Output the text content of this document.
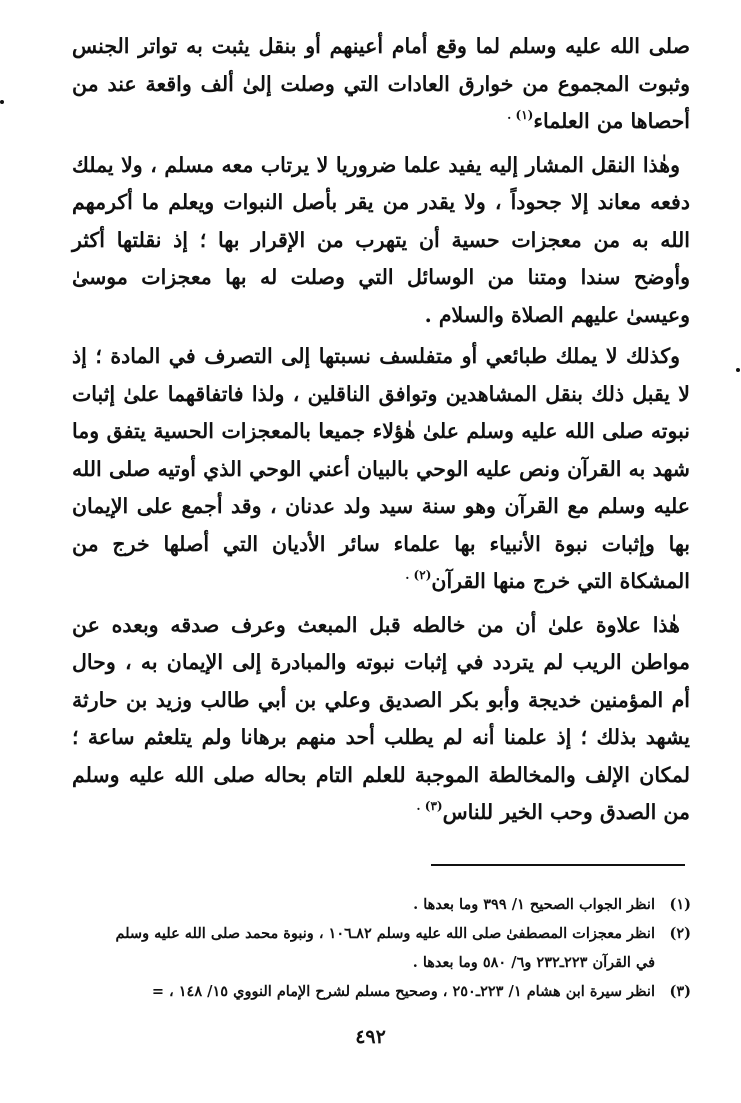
صلى الله عليه وسلم لما وقع أمام أعينهم أو بنقل يثبت به تواتر الجنس وثبوت المجموع من خوارق العادات التي وصلت إلىٰ ألف واقعة عند من أحصاها من العلماء$^{(١) .}$

وهٰذا النقل المشار إليه يفيد علما ضروريا لا يرتاب معه مسلم ، ولا يملك دفعه معاند إلا جحوداً ، ولا يقدر من يقر بأصل النبوات ويعلم ما أكرمهم الله به من معجزات حسية أن يتهرب من الإقرار بها ؛ إذ نقلتها أكثر وأوضح سندا ومتنا من الوسائل التي وصلت له بها معجزات موسىٰ وعيسىٰ عليهم الصلاة والسلام .

وكذلك لا يملك طبائعي أو متفلسف نسبتها إلى التصرف في المادة ؛ إذ لا يقبل ذلك بنقل المشاهدين وتوافق الناقلين ، ولذا فاتفاقهما علىٰ إثبات نبوته صلى الله عليه وسلم علىٰ هٰؤلاء جميعا بالمعجزات الحسية يتفق وما شهد به القرآن ونص عليه الوحي بالبيان أعني الوحي الذي أوتيه صلى الله عليه وسلم مع القرآن وهو سنة سيد ولد عدنان ، وقد أجمع على الإيمان بها وإثبات نبوة الأنبياء بها علماء سائر الأديان التي أصلها خرج من المشكاة التي خرج منها القرآن$^{(٢) .}$

هٰذا علاوة علىٰ أن من خالطه قبل المبعث وعرف صدقه وبعده عن مواطن الريب لم يتردد في إثبات نبوته والمبادرة إلى الإيمان به ، وحال أم المؤمنين خديجة وأبو بكر الصديق وعلي بن أبي طالب وزيد بن حارثة يشهد بذلك ؛ إذ علمنا أنه لم يطلب أحد منهم برهانا ولم يتلعثم ساعة ؛ لمكان الإلف والمخالطة الموجبة للعلم التام بحاله صلى الله عليه وسلم من الصدق وحب الخير للناس$^{(٣) .}$

(١)انظر الجواب الصحيح ١/ ٣٩٩ وما بعدها .

(٢)انظر معجزات المصطفىٰ صلى الله عليه وسلم ٨٢ـ١٠٦ ، ونبوة محمد صلى الله عليه وسلم

في القرآن ٢٢٣ـ٢٣٢ و٦/ ٥٨٠ وما بعدها .

(٣)انظر سيرة ابن هشام ١/ ٢٢٣ـ٢٥٠ ، وصحيح مسلم لشرح الإمام النووي ١٥/ ١٤٨ ، =

٤٩٢
